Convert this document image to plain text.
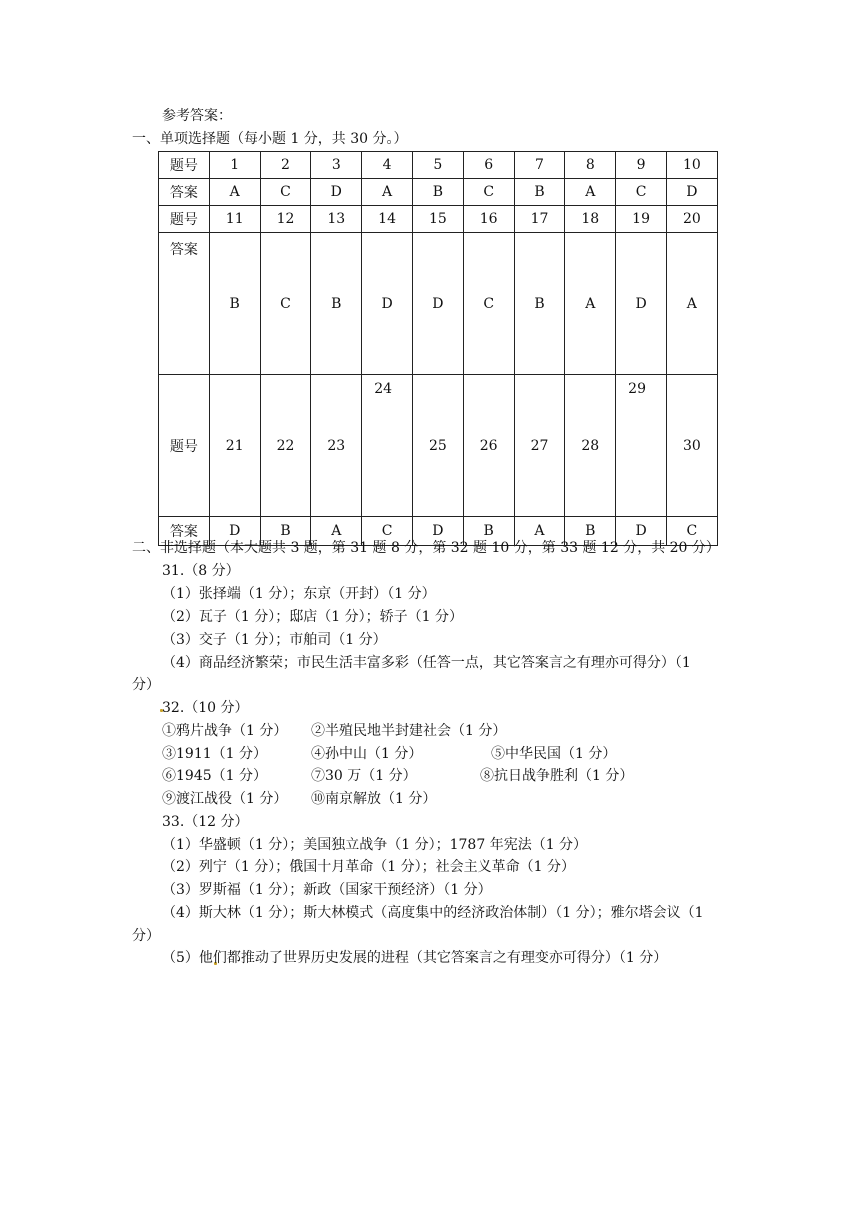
参考答案：
一、单项选择题（每小题 1 分，共 30 分。）
题号	1	2	3	4	5	6	7	8	9	10
答案	A	C	D	A	B	C	B	A	C	D
题号	11	12	13	14	15	16	17	18	19	20
答案	B	C	B	D	D	C	B	A	D	A
题号	21	22	23	24	25	26	27	28	29	30
答案	D	B	A	C	D	B	A	B	D	C
二、非选择题（本大题共 3 题，第 31 题 8 分，第 32 题 10 分，第 33 题 12 分，共 20 分）
31.（8 分）
（1）张择端（1 分）；东京（开封）（1 分）
（2）瓦子（1 分）；邸店（1 分）；轿子（1 分）
（3）交子（1 分）；市舶司（1 分）
（4）商品经济繁荣；市民生活丰富多彩（任答一点，其它答案言之有理亦可得分）（1
分）
32.（10 分）
①鸦片战争（1 分） ②半殖民地半封建社会（1 分）
③1911（1 分）	④孙中山（1 分）	⑤中华民国（1 分）
⑥1945（1 分）	⑦30 万（1 分）	⑧抗日战争胜利（1 分）
⑨渡江战役（1 分） ⑩南京解放（1 分）
33.（12 分）
（1）华盛顿（1 分）；美国独立战争（1 分）；1787 年宪法（1 分）
（2）列宁（1 分）；俄国十月革命（1 分）；社会主义革命（1 分）
（3）罗斯福（1 分）；新政（国家干预经济）（1 分）
（4）斯大林（1 分）；斯大林模式（高度集中的经济政治体制）（1 分）；雅尔塔会议（1
分）
（5）他们都推动了世界历史发展的进程（其它答案言之有理变亦可得分）（1 分）
